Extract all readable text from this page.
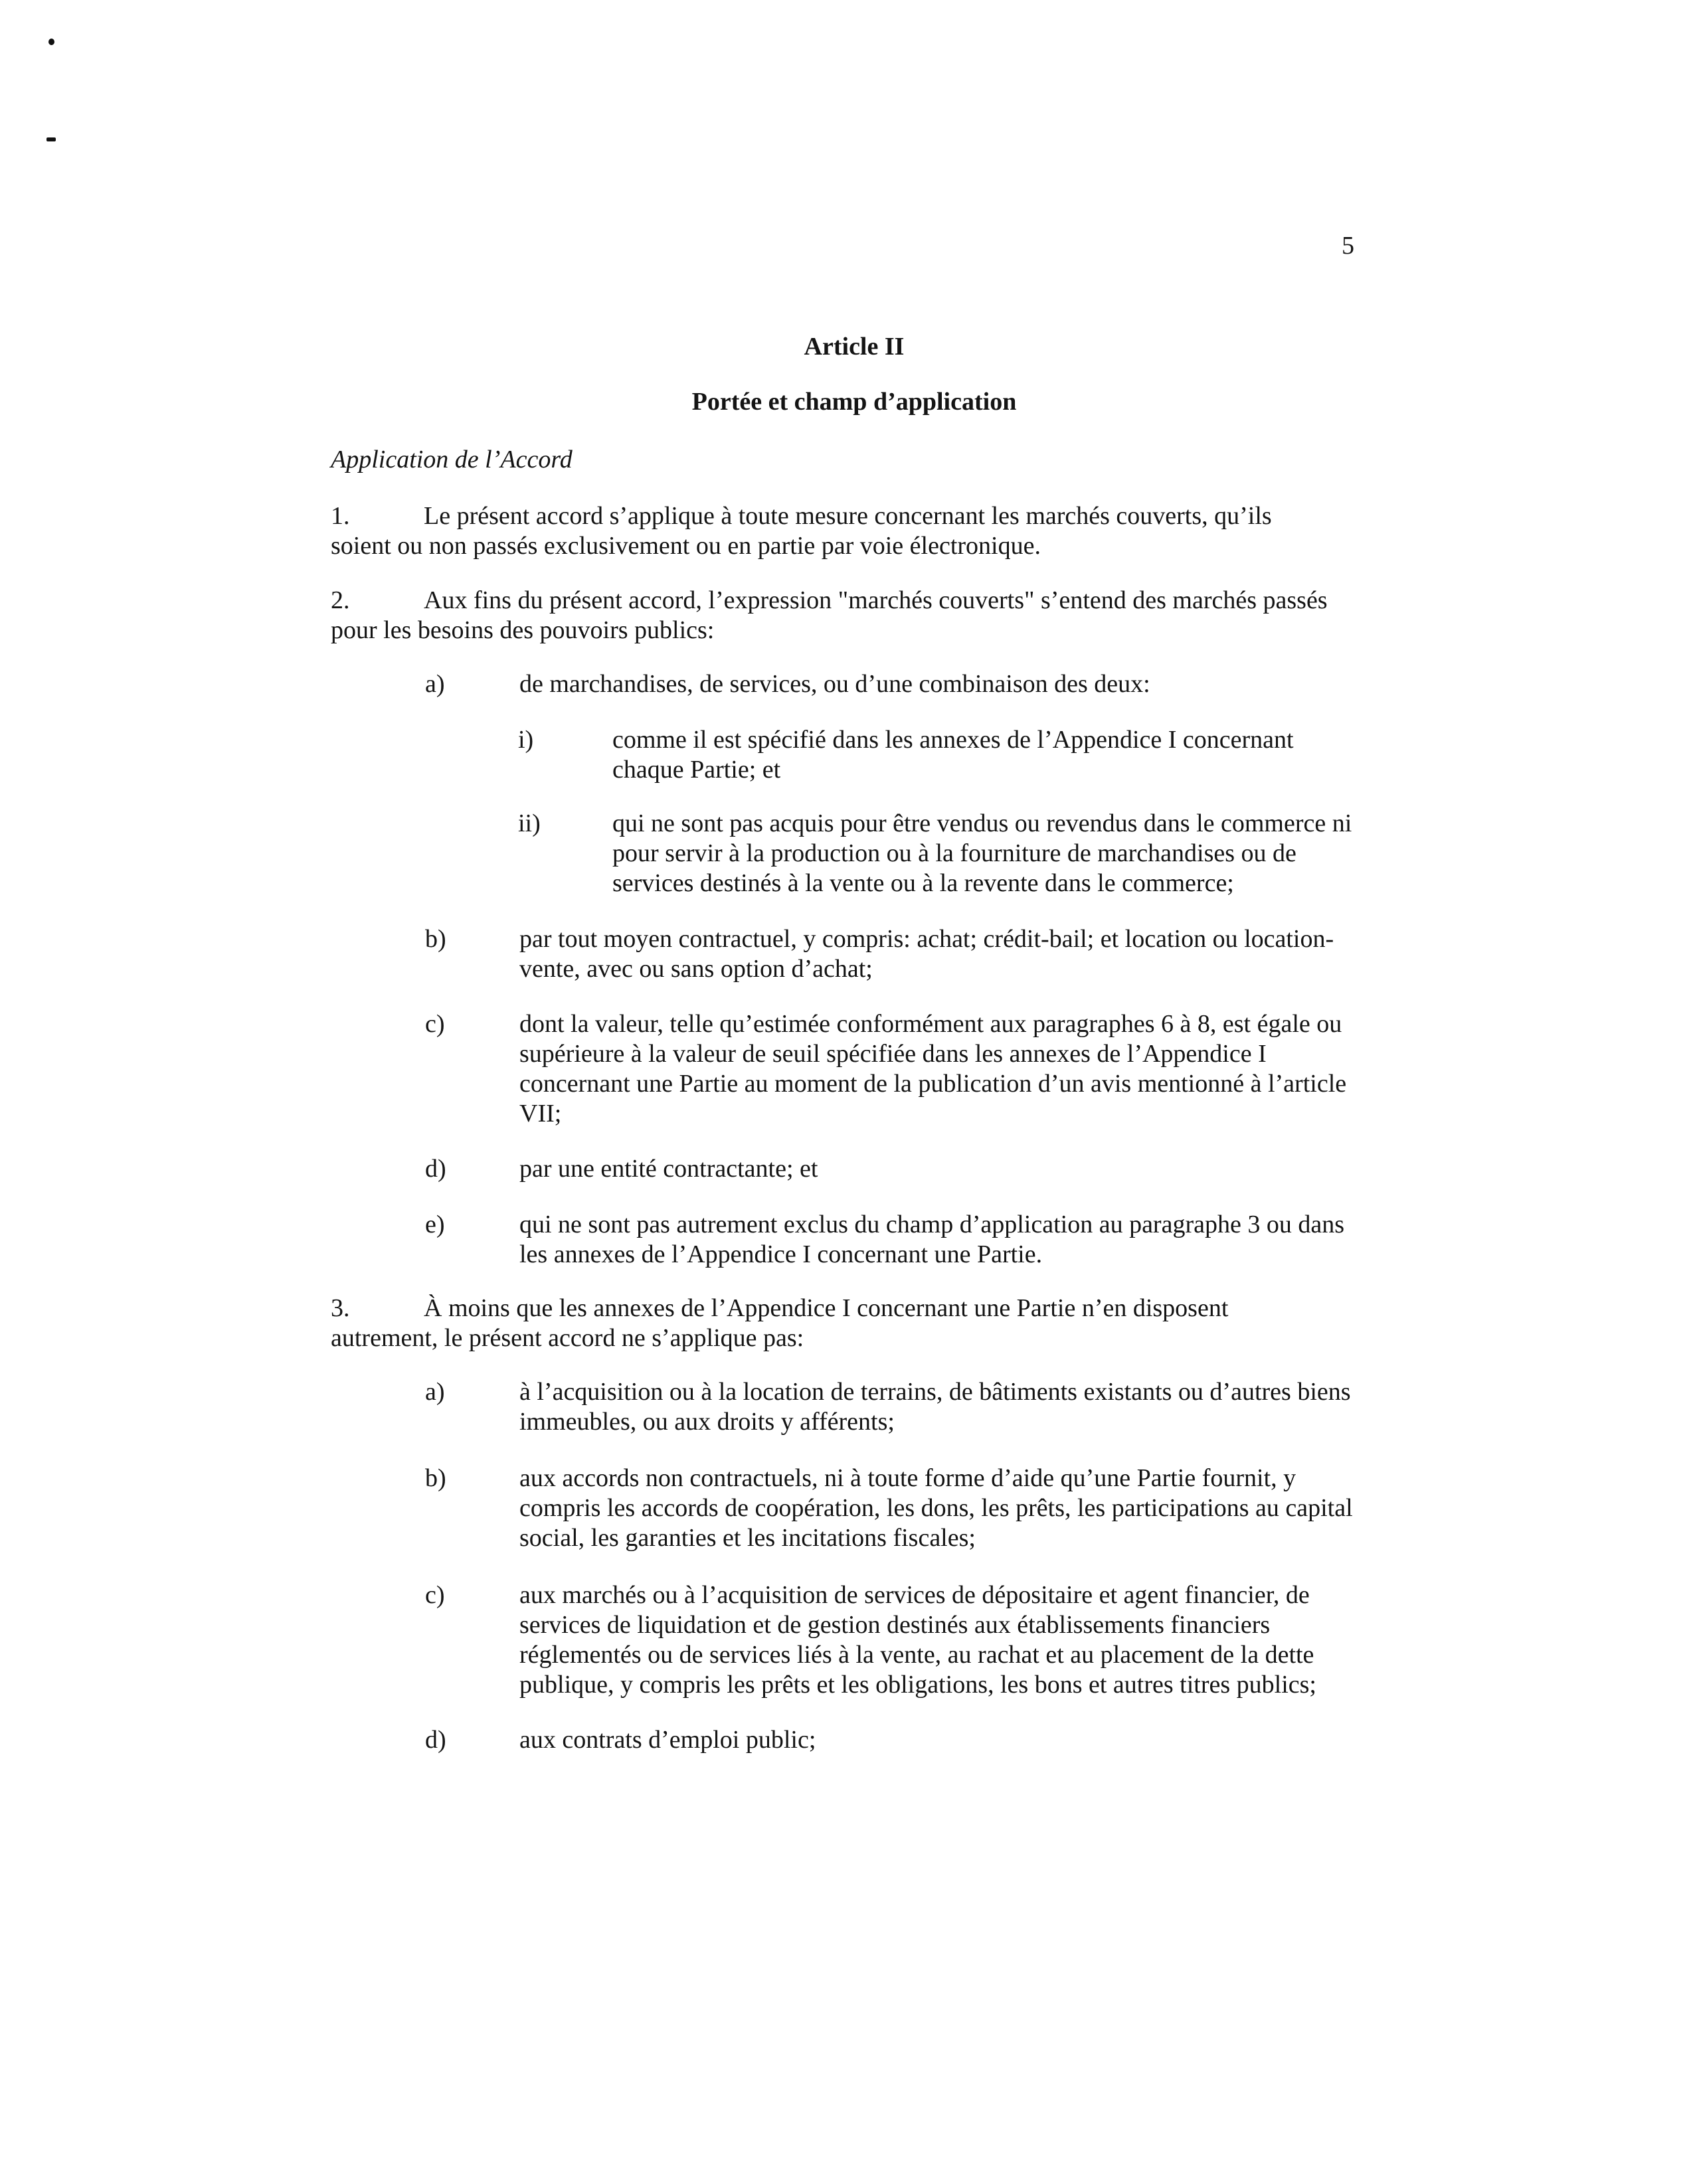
5
Article II
Portée et champ d’application
Application de l’Accord
1.	Le présent accord s’applique à toute mesure concernant les marchés couverts, qu’ils
soient ou non passés exclusivement ou en partie par voie électronique.
2.	Aux fins du présent accord, l’expression "marchés couverts" s’entend des marchés passés
pour les besoins des pouvoirs publics:
a)	de marchandises, de services, ou d’une combinaison des deux:
i)	comme il est spécifié dans les annexes de l’Appendice I concernant chaque Partie; et
ii)	qui ne sont pas acquis pour être vendus ou revendus dans le commerce ni pour servir à la production ou à la fourniture de marchandises ou de services destinés à la vente ou à la revente dans le commerce;
b)	par tout moyen contractuel, y compris: achat; crédit-bail; et location ou location-vente, avec ou sans option d’achat;
c)	dont la valeur, telle qu’estimée conformément aux paragraphes 6 à 8, est égale ou supérieure à la valeur de seuil spécifiée dans les annexes de l’Appendice I concernant une Partie au moment de la publication d’un avis mentionné à l’article VII;
d)	par une entité contractante; et
e)	qui ne sont pas autrement exclus du champ d’application au paragraphe 3 ou dans les annexes de l’Appendice I concernant une Partie.
3.	À moins que les annexes de l’Appendice I concernant une Partie n’en disposent
autrement, le présent accord ne s’applique pas:
a)	à l’acquisition ou à la location de terrains, de bâtiments existants ou d’autres biens immeubles, ou aux droits y afférents;
b)	aux accords non contractuels, ni à toute forme d’aide qu’une Partie fournit, y compris les accords de coopération, les dons, les prêts, les participations au capital social, les garanties et les incitations fiscales;
c)	aux marchés ou à l’acquisition de services de dépositaire et agent financier, de services de liquidation et de gestion destinés aux établissements financiers réglementés ou de services liés à la vente, au rachat et au placement de la dette publique, y compris les prêts et les obligations, les bons et autres titres publics;
d)	aux contrats d’emploi public;
